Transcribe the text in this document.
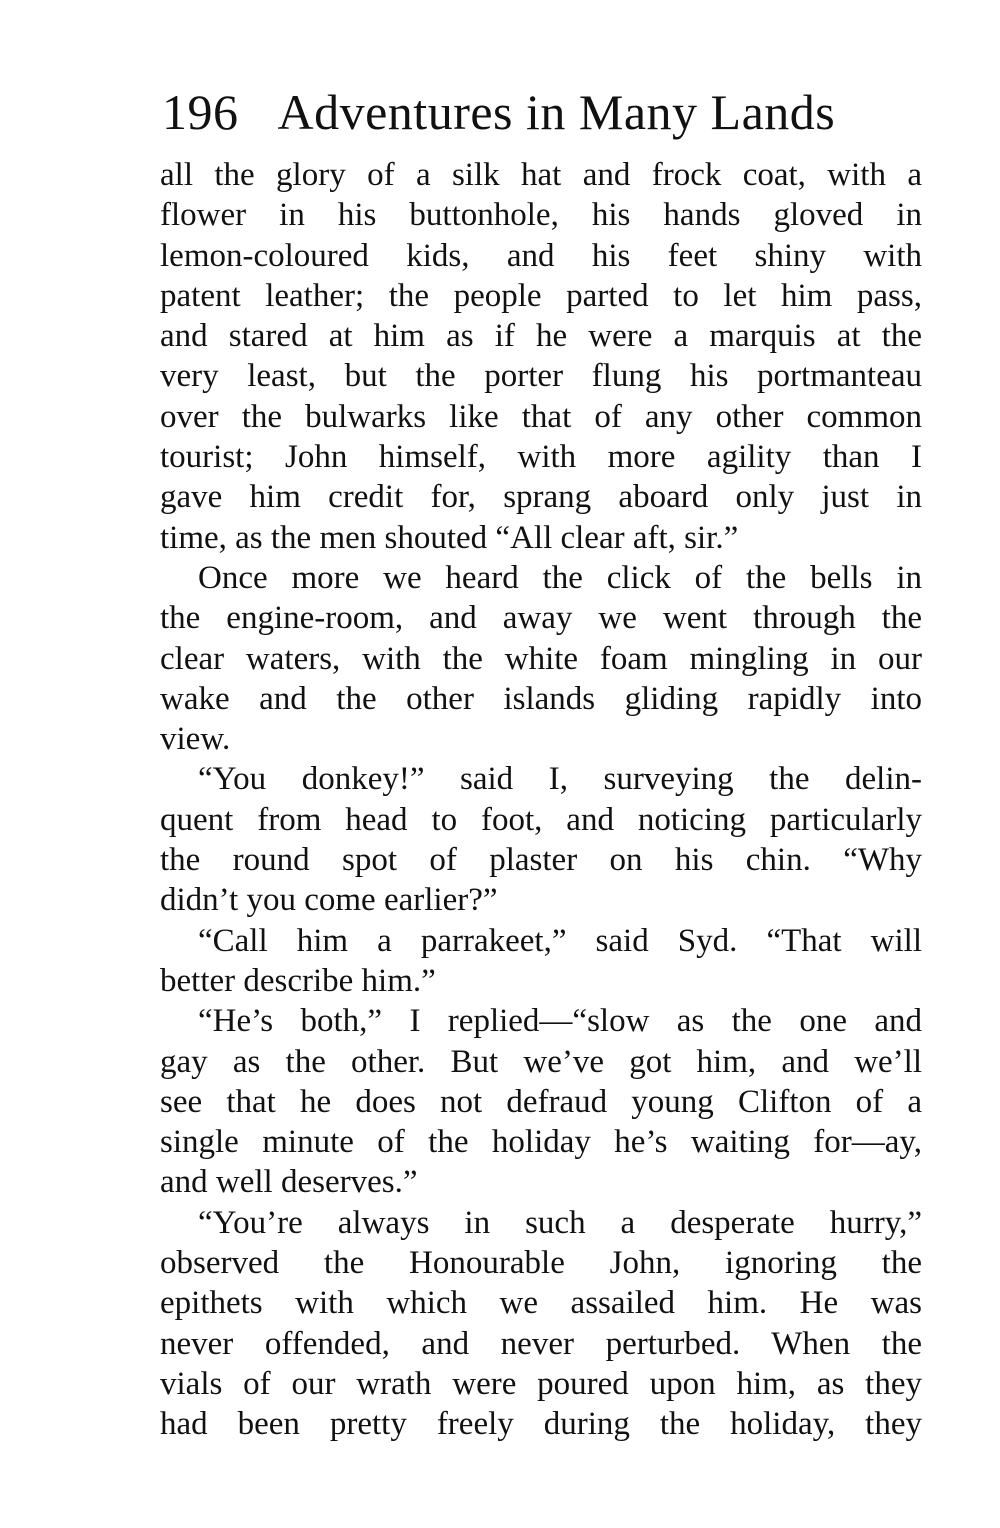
196 Adventures in Many Lands
all the glory of a silk hat and frock coat, with a
flower in his buttonhole, his hands gloved in
lemon-coloured kids, and his feet shiny with
patent leather; the people parted to let him pass,
and stared at him as if he were a marquis at the
very least, but the porter flung his portmanteau
over the bulwarks like that of any other common
tourist; John himself, with more agility than I
gave him credit for, sprang aboard only just in
time, as the men shouted “All clear aft, sir.”
Once more we heard the click of the bells in
the engine-room, and away we went through the
clear waters, with the white foam mingling in our
wake and the other islands gliding rapidly into
view.
“You donkey!” said I, surveying the delin-
quent from head to foot, and noticing particularly
the round spot of plaster on his chin. “Why
didn’t you come earlier?”
“Call him a parrakeet,” said Syd. “That will
better describe him.”
“He’s both,” I replied—“slow as the one and
gay as the other. But we’ve got him, and we’ll
see that he does not defraud young Clifton of a
single minute of the holiday he’s waiting for—ay,
and well deserves.”
“You’re always in such a desperate hurry,”
observed the Honourable John, ignoring the
epithets with which we assailed him. He was
never offended, and never perturbed. When the
vials of our wrath were poured upon him, as they
had been pretty freely during the holiday, they
